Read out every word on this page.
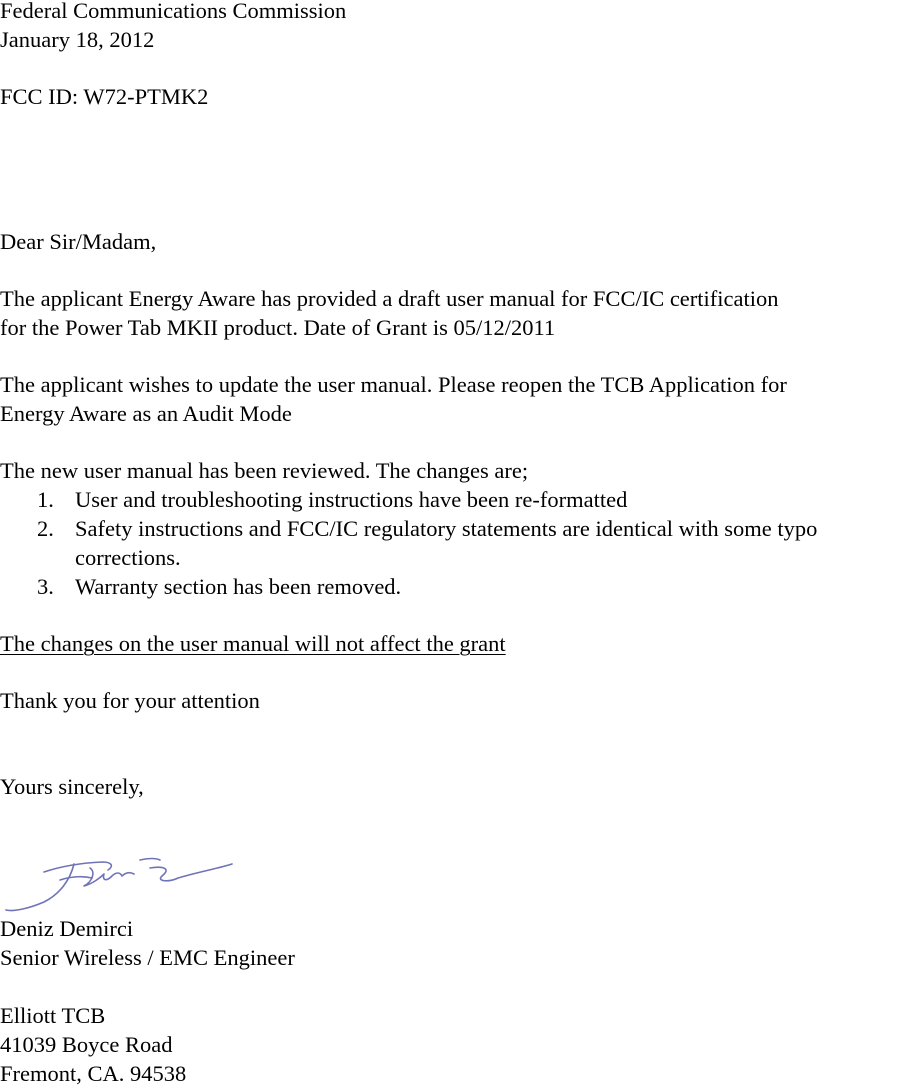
Federal Communications Commission
January 18, 2012
FCC ID: W72-PTMK2
Dear Sir/Madam,
The applicant Energy Aware has provided a draft user manual for FCC/IC certification
for the Power Tab MKII product. Date of Grant is 05/12/2011
The applicant wishes to update the user manual. Please reopen the TCB Application for
Energy Aware as an Audit Mode
The new user manual has been reviewed. The changes are;
1. User and troubleshooting instructions have been re-formatted
2. Safety instructions and FCC/IC regulatory statements are identical with some typo
corrections.
3. Warranty section has been removed.
The changes on the user manual will not affect the grant
Thank you for your attention
Yours sincerely,
Deniz Demirci
Senior Wireless / EMC Engineer
Elliott TCB
41039 Boyce Road
Fremont, CA. 94538
